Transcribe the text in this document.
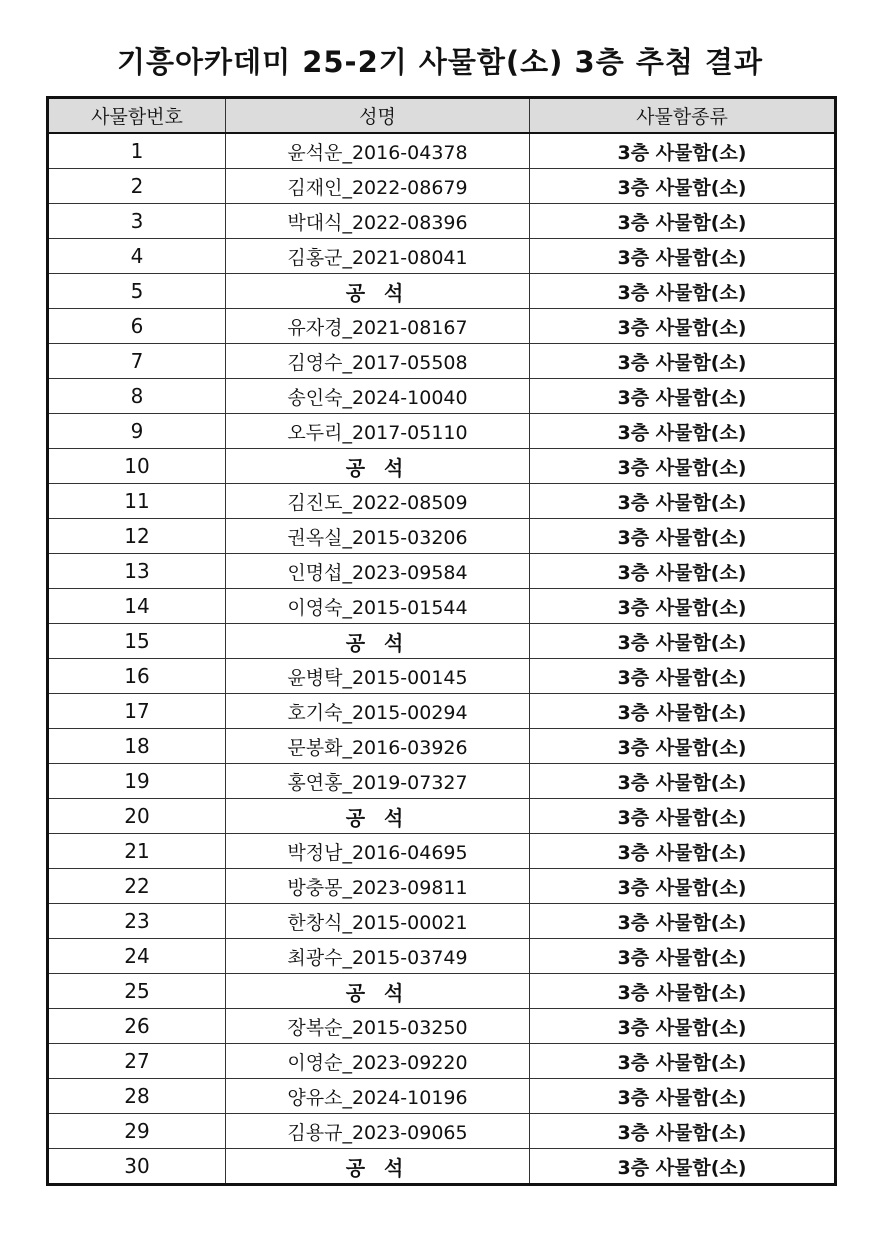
기흥아카데미 25-2기 사물함(소) 3층 추첨 결과
사물함번호	성명	사물함종류
1	윤석운_2016-04378	3층 사물함(소)
2	김재인_2022-08679	3층 사물함(소)
3	박대식_2022-08396	3층 사물함(소)
4	김홍군_2021-08041	3층 사물함(소)
5	공 석	3층 사물함(소)
6	유자경_2021-08167	3층 사물함(소)
7	김영수_2017-05508	3층 사물함(소)
8	송인숙_2024-10040	3층 사물함(소)
9	오두리_2017-05110	3층 사물함(소)
10	공 석	3층 사물함(소)
11	김진도_2022-08509	3층 사물함(소)
12	권옥실_2015-03206	3층 사물함(소)
13	인명섭_2023-09584	3층 사물함(소)
14	이영숙_2015-01544	3층 사물함(소)
15	공 석	3층 사물함(소)
16	윤병탁_2015-00145	3층 사물함(소)
17	호기숙_2015-00294	3층 사물함(소)
18	문봉화_2016-03926	3층 사물함(소)
19	홍연홍_2019-07327	3층 사물함(소)
20	공 석	3층 사물함(소)
21	박정남_2016-04695	3층 사물함(소)
22	방충몽_2023-09811	3층 사물함(소)
23	한창식_2015-00021	3층 사물함(소)
24	최광수_2015-03749	3층 사물함(소)
25	공 석	3층 사물함(소)
26	장복순_2015-03250	3층 사물함(소)
27	이영순_2023-09220	3층 사물함(소)
28	양유소_2024-10196	3층 사물함(소)
29	김용규_2023-09065	3층 사물함(소)
30	공 석	3층 사물함(소)
